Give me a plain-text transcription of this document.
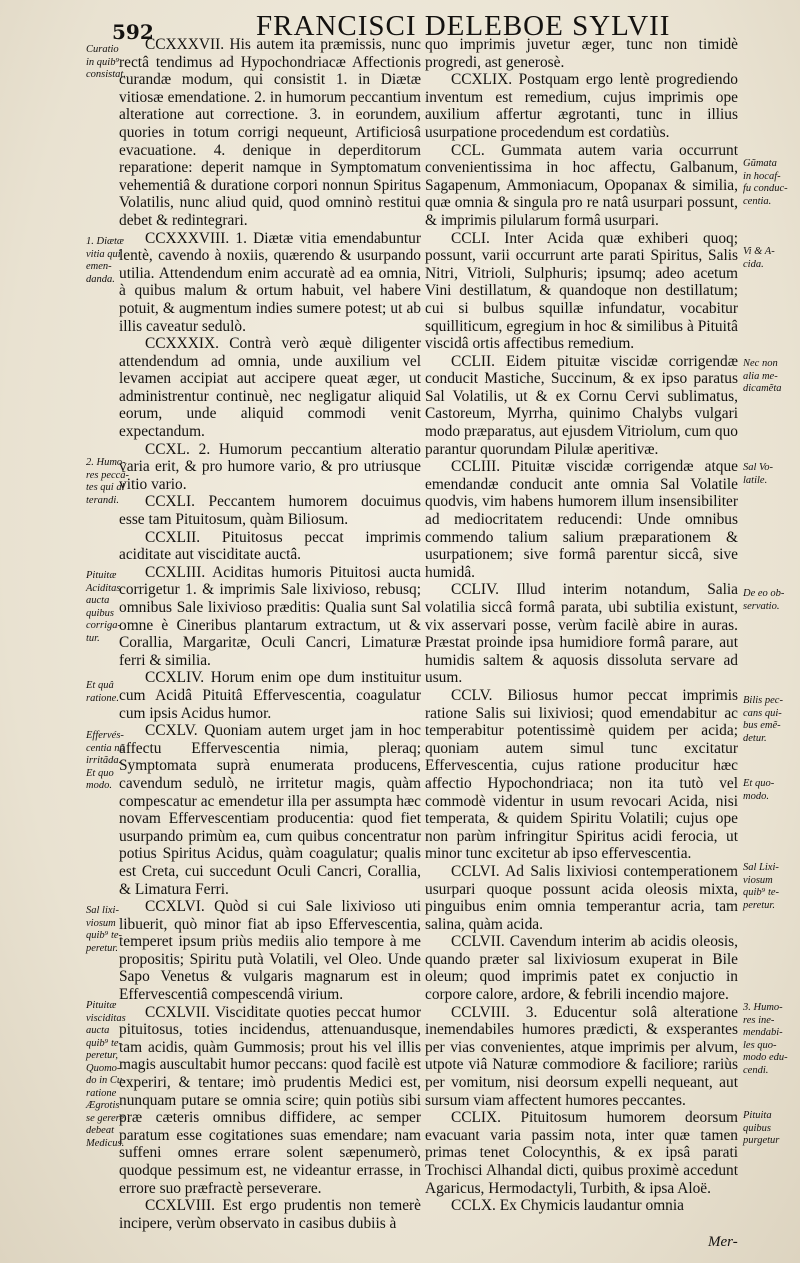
592	FRANCISCI DELEBOE SYLVII

CCXXXVII. His autem ita præmissis, nunc rectâ tendimus ad Hypochondriacæ Affectionis curandæ modum, qui consistit 1. in Diætæ vitiosæ emendatione. 2. in humorum peccantium alteratione aut correctione. 3. in eorundem, quories in totum corrigi nequeunt, Artificiosâ evacuatione. 4. denique in deperditorum reparatione: deperit namque in Symptomatum vehementiâ & duratione corpori nonnun Spiritus Volatilis, nunc aliud quid, quod omninò restitui debet & redintegrari.

CCXXXVIII. 1. Diætæ vitia emendabuntur lentè, cavendo à noxiis, quærendo & usurpando utilia. Attendendum enim accuratè ad ea omnia, à quibus malum & ortum habuit, vel habere potuit, & augmentum indies sumere potest; ut ab illis caveatur sedulò.

CCXXXIX. Contrà verò æquè diligenter attendendum ad omnia, unde auxilium vel levamen accipiat aut accipere queat æger, ut administrentur continuè, nec negligatur aliquid eorum, unde aliquid commodi venit expectandum.

CCXL. 2. Humorum peccantium alteratio varia erit, & pro humore vario, & pro utriusque vitio vario.

CCXLI. Peccantem humorem docuimus esse tam Pituitosum, quàm Biliosum.

CCXLII. Pituitosus peccat imprimis aciditate aut visciditate auctâ.

CCXLIII. Aciditas humoris Pituitosi aucta corrigetur 1. & imprimis Sale lixivioso, rebusq; omnibus Sale lixivioso præditis: Qualia sunt Sal omne è Cineribus plantarum extractum, ut & Corallia, Margaritæ, Oculi Cancri, Limaturæ ferri & similia.

CCXLIV. Horum enim ope dum instituitur cum Acidâ Pituitâ Effervescentia, coagulatur cum ipsis Acidus humor.

CCXLV. Quoniam autem urget jam in hoc affectu Effervescentia nimia, pleraq; Symptomata suprà enumerata producens, cavendum sedulò, ne irritetur magis, quàm compescatur ac emendetur illa per assumpta hæc novam Effervescentiam producentia: quod fiet usurpando primùm ea, cum quibus concentratur potius Spiritus Acidus, quàm coagulatur; qualis est Creta, cui succedunt Oculi Cancri, Corallia, & Limatura Ferri.

CCXLVI. Quòd si cui Sale lixivioso uti libuerit, quò minor fiat ab ipso Effervescentia, temperet ipsum priùs mediis alio tempore à me propositis; Spiritu putà Volatili, vel Oleo. Unde Sapo Venetus & vulgaris magnarum est in Effervescentiâ compescendâ virium.

CCXLVII. Visciditate quoties peccat humor pituitosus, toties incidendus, attenuandusque, tam acidis, quàm Gummosis; prout his vel illis magis auscultabit humor peccans: quod facilè est experiri, & tentare; imò prudentis Medici est, nunquam putare se omnia scire; quin potiùs sibi præ cæteris omnibus diffidere, ac semper paratum esse cogitationes suas emendare; nam suffeni omnes errare solent sæpenumerò, quodque pessimum est, ne videantur errasse, in errore suo præfractè perseverare.

CCXLVIII. Est ergo prudentis non temerè incipere, verùm observato in casibus dubiis à

quo imprimis juvetur æger, tunc non timidè progredi, ast generosè.

CCXLIX. Postquam ergo lentè progrediendo inventum est remedium, cujus imprimis ope auxilium affertur ægrotanti, tunc in illius usurpatione procedendum est cordatiùs.

CCL. Gummata autem varia occurrunt convenientissima in hoc affectu, Galbanum, Sagapenum, Ammoniacum, Opopanax & similia, quæ omnia & singula pro re natâ usurpari possunt, & imprimis pilularum formâ usurpari.

CCLI. Inter Acida quæ exhiberi quoq; possunt, varii occurrunt arte parati Spiritus, Salis Nitri, Vitrioli, Sulphuris; ipsumq; adeo acetum Vini destillatum, & quandoque non destillatum; cui si bulbus squillæ infundatur, vocabitur squilliticum, egregium in hoc & similibus à Pituitâ viscidâ ortis affectibus remedium.

CCLII. Eidem pituitæ viscidæ corrigendæ conducit Mastiche, Succinum, & ex ipso paratus Sal Volatilis, ut & ex Cornu Cervi sublimatus, Castoreum, Myrrha, quinimo Chalybs vulgari modo præparatus, aut ejusdem Vitriolum, cum quo parantur quorundam Pilulæ aperitivæ.

CCLIII. Pituitæ viscidæ corrigendæ atque emendandæ conducit ante omnia Sal Volatile quodvis, vim habens humorem illum insensibiliter ad mediocritatem reducendi: Unde omnibus commendo talium salium præparationem & usurpationem; sive formâ parentur siccâ, sive humidâ.

CCLIV. Illud interim notandum, Salia volatilia siccâ formâ parata, ubi subtilia existunt, vix asservari posse, verùm facilè abire in auras. Præstat proinde ipsa humidiore formâ parare, aut humidis saltem & aquosis dissoluta servare ad usum.

CCLV. Biliosus humor peccat imprimis ratione Salis sui lixiviosi; quod emendabitur ac temperabitur potentissimè quidem per acida; quoniam autem simul tunc excitatur Effervescentia, cujus ratione producitur hæc affectio Hypochondriaca; non ita tutò vel commodè videntur in usum revocari Acida, nisi temperata, & quidem Spiritu Volatili; cujus ope non parùm infringitur Spiritus acidi ferocia, ut minor tunc excitetur ab ipso effervescentia.

CCLVI. Ad Salis lixiviosi contemperationem usurpari quoque possunt acida oleosis mixta, pinguibus enim omnia temperantur acria, tam salina, quàm acida.

CCLVII. Cavendum interim ab acidis oleosis, quando præter sal lixiviosum exuperat in Bile oleum; quod imprimis patet ex conjuctio in corpore calore, ardore, & febrili incendio majore.

CCLVIII. 3. Educentur solâ alteratione inemendabiles humores prædicti, & exsperantes per vias convenientes, atque imprimis per alvum, utpote viâ Naturæ commodiore & faciliore; rariùs per vomitum, nisi deorsum expelli nequeant, aut sursum viam affectent humores peccantes.

CCLIX. Pituitosum humorem deorsum evacuant varia passim nota, inter quæ tamen primas tenet Colocynthis, & ex ipsâ parati Trochisci Alhandal dicti, quibus proximè accedunt Agaricus, Hermodactyli, Turbith, & ipsa Aloë.

CCLX. Ex Chymicis laudantur omnia

Curatio
in quib⁹
consistat.
1. Diætæ
vitia qui
emen-
danda.
2. Humo-
res peccã-
tes qui al
terandi.
Pituitæ
Aciditas
aucta
quibus
corriga-
tur.
Et quâ
ratione.
Effervés-
centia nõ
irritãda.
Et quo
modo.
Sal lixi-
viosum
quib⁹ te-
peretur.
Pituitæ
visciditas
aucta
quib⁹ te-
peretur,
Quomo-
do in Cu-
ratione
Ægrotis
se gerere
debeat
Medicus.
Gũmata
in hocaf-
fu conduc-
centia.
Vi & A-
cida.
Nec non
alia me-
dicamẽta
Sal Vo-
latile.
De eo ob-
servatio.
Bilis pec-
cans qui-
bus emẽ-
detur.
Et quo-
modo.
Sal Lixi-
viosum
quib⁹ te-
peretur.
3. Humo-
res ine-
mendabi-
les quo-
modo edu-
cendi.
Pituita
quibus
purgetur
Mer-
